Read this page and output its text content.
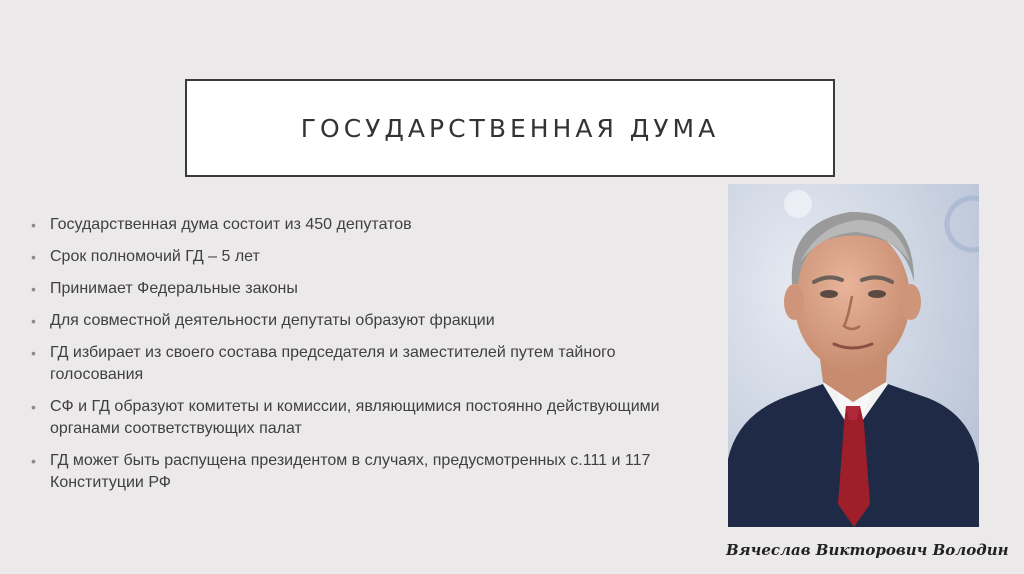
ГОСУДАРСТВЕННАЯ ДУМА
• Государственная дума состоит из 450 депутатов
• Срок полномочий ГД – 5 лет
• Принимает Федеральные законы
• Для совместной деятельности депутаты образуют фракции
• ГД избирает из своего состава председателя и заместителей путем тайного голосования
• СФ и ГД образуют комитеты и комиссии, являющимися постоянно действующими органами соответствующих палат
• ГД может быть распущена президентом в случаях, предусмотренных с.111 и 117 Конституции РФ
Вячеслав Викторович Володин
